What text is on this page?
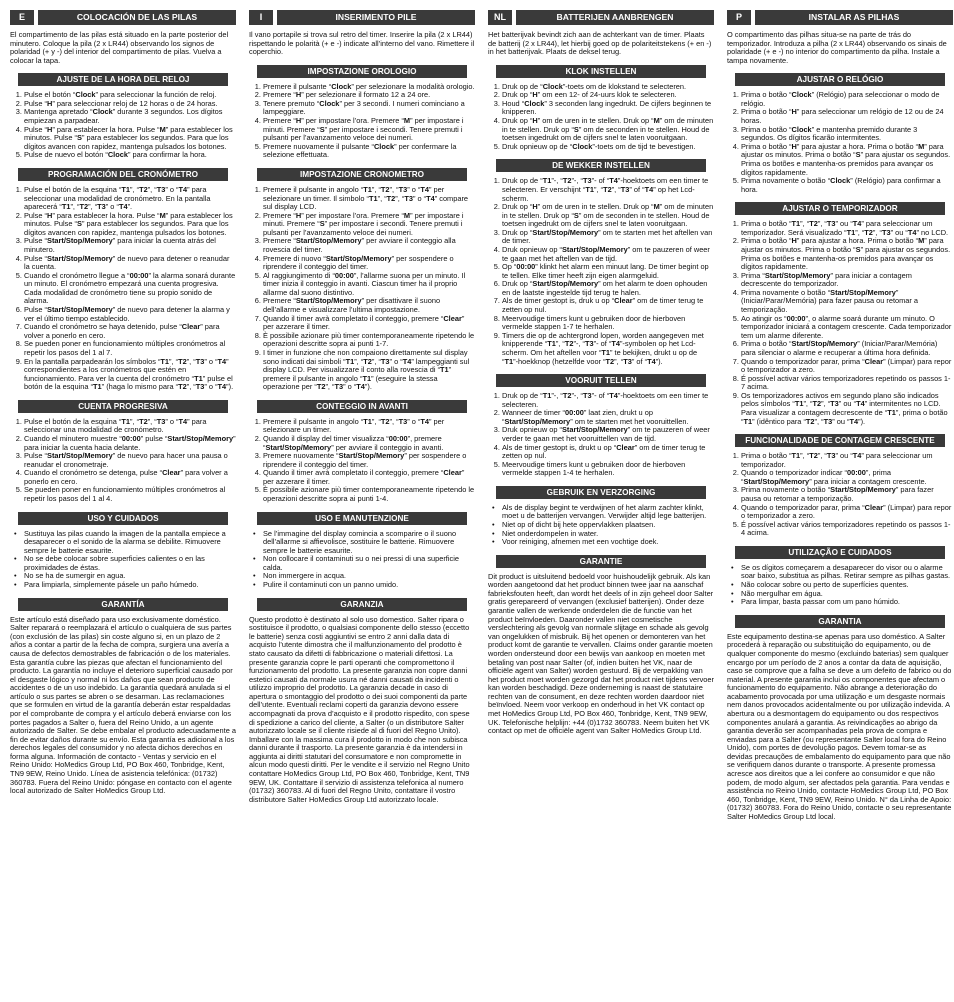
E	COLOCACIÓN DE LAS PILAS

El compartimento de las pilas está situado en la parte posterior del minutero. Coloque la pila (2 x LR44) observando los signos de polaridad (+ y -) del interior del compartimento de pilas. Vuelva a colocar la tapa.

AJUSTE DE LA HORA DEL RELOJ
1. Pulse el botón “Clock” para seleccionar la función de reloj.
2. Pulse “H” para seleccionar reloj de 12 horas o de 24 horas.
3. Mantenga apretado “Clock” durante 3 segundos. Los dígitos empiezan a parpadear.
4. Pulse “H” para establecer la hora. Pulse “M” para establecer los minutos. Pulse “S” para establecer los segundos. Para que los dígitos avancen con rapidez, mantenga pulsados los botones.
5. Pulse de nuevo el botón “Clock” para confirmar la hora.
PROGRAMACIÓN DEL CRONÓMETRO
1. Pulse el botón de la esquina “T1”, “T2”, “T3” o “T4” para seleccionar una modalidad de cronómetro. En la pantalla aparecerá “T1”, “T2”, “T3” o “T4”.
2. Pulse “H” para establecer la hora. Pulse “M” para establecer los minutos. Pulse “S” para establecer los segundos. Para que los dígitos avancen con rapidez, mantenga pulsados los botones.
3. Pulse “Start/Stop/Memory” para iniciar la cuenta atrás del minutero.
4. Pulse “Start/Stop/Memory” de nuevo para detener o reanudar la cuenta.
5. Cuando el cronómetro llegue a “00:00” la alarma sonará durante un minuto. El cronómetro empezará una cuenta progresiva. Cada modalidad de cronómetro tiene su propio sonido de alarma.
6. Pulse “Start/Stop/Memory” de nuevo para detener la alarma y ver el último tiempo establecido.
7. Cuando el cronómetro se haya detenido, pulse “Clear” para volver a ponerlo en cero.
8. Se pueden poner en funcionamiento múltiples cronómetros al repetir los pasos del 1 al 7.
9. En la pantalla parpadearán los símbolos “T1”, “T2”, “T3” o “T4” correspondientes a los cronómetros que estén en funcionamiento. Para ver la cuenta del cronómetro “T1” pulse el botón de la esquina “T1” (haga lo mismo para “T2”, “T3” o “T4”).
CUENTA PROGRESIVA
1. Pulse el botón de la esquina “T1”, “T2”, “T3” o “T4” para seleccionar una modalidad de cronómetro.
2. Cuando el minutero muestre “00:00” pulse “Start/Stop/Memory” para iniciar la cuenta hacia delante.
3. Pulse “Start/Stop/Memory” de nuevo para hacer una pausa o reanudar el cronometraje.
4. Cuando el cronómetro se detenga, pulse “Clear” para volver a ponerlo en cero.
5. Se pueden poner en funcionamiento múltiples cronómetros al repetir los pasos del 1 al 4.
USO Y CUIDADOS
• Sustituya las pilas cuando la imagen de la pantalla empiece a desaparecer o el sonido de la alarma se debilite. Rimuovere sempre le batterie esaurite.
• No se debe colocar sobre superficies calientes o en las proximidades de éstas.
• No se ha de sumergir en agua.
• Para limpiarla, simplemente pásele un paño húmedo.
GARANTÍA

Este artículo está diseñado para uso exclusivamente doméstico. Salter reparará o reemplazará el artículo o cualquiera de sus partes (con exclusión de las pilas) sin coste alguno si, en un plazo de 2 años a contar a partir de la fecha de compra, surgiera una avería a causa de defectos demostrables de fabricación o de los materiales. Esta garantía cubre las piezas que afectan el funcionamiento del producto. La garantía no incluye el deterioro superficial causado por el desgaste lógico y normal ni los daños que sean producto de accidentes o de un uso indebido. La garantía quedará anulada si el artículo o sus partes se abren o se desarman. Las reclamaciones que se formulen en virtud de la garantía deberán estar respaldadas por el comprobante de compra y el artículo deberá enviarse con los portes pagados a Salter o, fuera del Reino Unido, a un agente autorizado de Salter. Se debe embalar el producto adecuadamente a fin de evitar daños durante su envío. Esta garantía es adicional a los derechos legales del consumidor y no afecta dichos derechos en forma alguna. Información de contacto - Ventas y servicio en el Reino Unido: HoMedics Group Ltd, PO Box 460, Tonbridge, Kent, TN9 9EW, Reino Unido. Línea de asistencia telefónica: (01732) 360783. Fuera del Reino Unido: póngase en contacto con el agente local autorizado de Salter HoMedics Group Ltd.

I	INSERIMENTO PILE

Il vano portapile si trova sul retro del timer. Inserire la pila (2 x LR44) rispettando le polarità (+ e -) indicate all’interno del vano. Rimettere il coperchio.

IMPOSTAZIONE OROLOGIO
1. Premere il pulsante “Clock” per selezionare la modalità orologio.
2. Premere “H” per selezionare il formato 12 a 24 ore.
3. Tenere premuto “Clock” per 3 secondi. I numeri cominciano a lampeggiare.
4. Premere “H” per impostare l’ora. Premere “M” per impostare i minuti. Premere “S” per impostare i secondi. Tenere premuti i pulsanti per l’avanzamento veloce dei numeri.
5. Premere nuovamente il pulsante “Clock” per confermare la selezione effettuata.
IMPOSTAZIONE CRONOMETRO
1. Premere il pulsante in angolo “T1”, “T2”, “T3” o “T4” per selezionare un timer. Il simbolo “T1”, “T2”, “T3” o “T4” compare sul display LCD.
2. Premere “H” per impostare l’ora. Premere “M” per impostare i minuti. Premere “S” per impostare i secondi. Tenere premuti i pulsanti per l’avanzamento veloce dei numeri.
3. Premere “Start/Stop/Memory” per avviare il conteggio alla rovescia del timer.
4. Premere di nuovo “Start/Stop/Memory” per sospendere o riprendere il conteggio del timer.
5. Al raggiungimento di “00:00”, l’allarme suona per un minuto. Il timer inizia il conteggio in avanti. Ciascun timer ha il proprio allarme dal suono distintivo.
6. Premere “Start/Stop/Memory” per disattivare il suono dell’allarme e visualizzare l’ultima impostazione.
7. Quando il timer avrà completato il conteggio, premere “Clear” per azzerare il timer.
8. È possibile azionare più timer contemporaneamente ripetendo le operazioni descritte sopra ai punti 1-7.
9. I timer in funzione che non compaiono direttamente sul display sono indicati dai simboli “T1”, “T2”, “T3” o “T4” lampeggianti sul display LCD. Per visualizzare il conto alla rovescia di “T1” premere il pulsante in angolo “T1” (eseguire la stessa operazione per “T2”, “T3” o “T4”).
CONTEGGIO IN AVANTI
1. Premere il pulsante in angolo “T1”, “T2”, “T3” o “T4” per selezionare un timer.
2. Quando il display del timer visualizza “00:00”, premere “Start/Stop/Memory” per avviare il conteggio in avanti.
3. Premere nuovamente “Start/Stop/Memory” per sospendere o riprendere il conteggio del timer.
4. Quando il timer avrà completato il conteggio, premere “Clear” per azzerare il timer.
5. È possibile azionare più timer contemporaneamente ripetendo le operazioni descritte sopra ai punti 1-4.
USO E MANUTENZIONE
• Se l’immagine del display comincia a scomparire o il suono dell’allarme si affievolisce, sostituire le batterie. Rimuovere sempre le batterie esaurite.
• Non collocare il contaminuti su o nei pressi di una superficie calda.
• Non immergere in acqua.
• Pulire il contaminuti con un panno umido.
GARANZIA

Questo prodotto è destinato al solo uso domestico. Salter ripara o sostituisce il prodotto, o qualsiasi componente dello stesso (eccetto le batterie) senza costi aggiuntivi se entro 2 anni dalla data di acquisto l’utente dimostra che il malfunzionamento del prodotto è stato causato da difetti di fabbricazione o materiali difettosi. La presente garanzia copre le parti operanti che compromettono il funzionamento del prodotto. La presente garanzia non copre danni estetici causati da normale usura né danni causati da incidenti o utilizzo improprio del prodotto. La garanzia decade in caso di apertura o smontaggio del prodotto o dei suoi componenti da parte dell’utente. Eventuali reclami coperti da garanzia devono essere accompagnati da prova d’acquisto e il prodotto rispedito, con spese di spedizione a carico del cliente, a Salter (o un distributore Salter autorizzato locale se il cliente risiede al di fuori del Regno Unito). Imballare con la massima cura il prodotto in modo che non subisca danni durante il trasporto. La presente garanzia è da intendersi in aggiunta ai diritti statutari del consumatore e non compromette in alcun modo questi diritti. Per le vendite e il servizio nel Regno Unito contattare HoMedics Group Ltd, PO Box 460, Tonbridge, Kent, TN9 9EW, UK. Contattare il servizio di assistenza telefonica al numero (01732) 360783. Al di fuori del Regno Unito, contattare il vostro distributore Salter HoMedics Group Ltd autorizzato locale.

NL	BATTERIJEN AANBRENGEN

Het batterijvak bevindt zich aan de achterkant van de timer. Plaats de batterij (2 x LR44), let hierbij goed op de polariteitstekens (+ en -) in het batterijvak. Plaats de deksel terug.

KLOK INSTELLEN
1. Druk op de “Clock”-toets om de klokstand te selecteren.
2. Druk op “H” om een 12- of 24-uurs klok te selecteren.
3. Houd “Clock” 3 seconden lang ingedrukt. De cijfers beginnen te knipperen.
4. Druk op “H” om de uren in te stellen. Druk op “M” om de minuten in te stellen. Druk op “S” om de seconden in te stellen. Houd de toetsen ingedrukt om de cijfers snel te laten vooruitgaan.
5. Druk opnieuw op de “Clock”-toets om de tijd te bevestigen.
DE WEKKER INSTELLEN
1. Druk op de “T1”-, “T2”-, “T3”- of “T4”-hoektoets om een timer te selecteren. Er verschijnt “T1”, “T2”, “T3” of “T4” op het Lcd-scherm.
2. Druk op “H” om de uren in te stellen. Druk op “M” om de minuten in te stellen. Druk op “S” om de seconden in te stellen. Houd de toetsen ingedrukt om de cijfers snel te laten vooruitgaan.
3. Druk op “Start/Stop/Memory” om te starten met het aftellen van de timer.
4. Druk opnieuw op “Start/Stop/Memory” om te pauzeren of weer te gaan met het aftellen van de tijd.
5. Op “00:00” klinkt het alarm een minuut lang. De timer begint op te tellen. Elke timer heeft zijn eigen alarmgeluid.
6. Druk op “Start/Stop/Memory” om het alarm te doen ophouden en de laatste ingestelde tijd terug te halen.
7. Als de timer gestopt is, druk u op “Clear” om de timer terug te zetten op nul.
8. Meervoudige timers kunt u gebruiken door de hierboven vermelde stappen 1-7 te herhalen.
9. Timers die op de achtergrond lopen, worden aangegeven met knipperende “T1”, “T2”-, “T3”- of “T4”-symbolen op het Lcd-scherm. Om het aftellen voor “T1” te bekijken, drukt u op de “T1”-hoekknop (hetzelfde voor “T2”, “T3” of “T4”).
VOORUIT TELLEN
1. Druk op de “T1”-, “T2”-, “T3”- of “T4”-hoektoets om een timer te selecteren.
2. Wanneer de timer “00:00” laat zien, drukt u op “Start/Stop/Memory” om te starten met het vooruittellen.
3. Druk opnieuw op “Start/Stop/Memory” om te pauzeren of weer verder te gaan met het vooruittellen van de tijd.
4. Als de timer gestopt is, drukt u op “Clear” om de timer terug te zetten op nul.
5. Meervoudige timers kunt u gebruiken door de hierboven vermelde stappen 1-4 te herhalen.
GEBRUIK EN VERZORGING
• Als de display begint te verdwijnen of het alarm zachter klinkt, moet u de batterijen vervangen. Verwijder altijd lege batterijen.
• Niet op of dicht bij hete oppervlakken plaatsen.
• Niet onderdompelen in water.
• Voor reiniging, afnemen met een vochtige doek.
GARANTIE

Dit product is uitsluitend bedoeld voor huishoudelijk gebruik. Als kan worden aangetoond dat het product binnen twee jaar na aanschaf fabrieksfouten heeft, dan wordt het deels of in zijn geheel door Salter gratis gerepareerd of vervangen (exclusief batterijen). Onder deze garantie vallen de werkende onderdelen die de functie van het product beïnvloeden. Daaronder vallen niet cosmetische verslechtering als gevolg van normale slijtage en schade als gevolg van ongelukken of misbruik. Bij het openen or demonteren van het product komt de garantie te vervallen. Claims onder garantie moeten worden ondersteund door een bewijs van aankoop en moeten met betaling van post naar Salter (of, indien buiten het VK, naar de officiële agent van Salter) worden gestuurd. Bij de verpakking van het product moet worden gezorgd dat het product niet tijdens vervoer kan worden beschadigd. Deze onderneming is naast de statutaire rechten van de consument, en deze rechten worden daardoor niet beïnvloed. Neem voor verkoop en onderhoud in het VK contact op met HoMedics Group Ltd, PO Box 460, Tonbridge, Kent, TN9 9EW, UK. Telefonische helplijn: +44 (0)1732 360783. Neem buiten het VK contact op met de officiële agent van Salter HoMedics Group Ltd.

P	INSTALAR AS PILHAS

O compartimento das pilhas situa-se na parte de trás do temporizador. Introduza a pilha (2 x LR44) observando os sinais de polaridade (+ e -) no interior do compartimento da pilha. Instale a tampa novamente.

AJUSTAR O RELÓGIO
1. Prima o botão “Clock” (Relógio) para seleccionar o modo de relógio.
2. Prima o botão “H” para seleccionar um relógio de 12 ou de 24 horas.
3. Prima o botão “Clock” e mantenha premido durante 3 segundos. Os dígitos ficarão intermitentes.
4. Prima o botão “H” para ajustar a hora. Prima o botão “M” para ajustar os minutos. Prima o botão “S” para ajustar os segundos. Prima os botões e mantenha-os premidos para avançar os dígitos rapidamente.
5. Prima novamente o botão “Clock” (Relógio) para confirmar a hora.
AJUSTAR O TEMPORIZADOR
1. Prima o botão “T1”, “T2”, “T3” ou “T4” para seleccionar um temporizador. Será visualizado “T1”, “T2”, “T3” ou “T4” no LCD.
2. Prima o botão “H” para ajustar a hora. Prima o botão “M” para ajustar os minutos. Prima o botão “S” para ajustar os segundos. Prima os botões e mantenha-os premidos para avançar os dígitos rapidamente.
3. Prima “Start/Stop/Memory” para iniciar a contagem decrescente do temporizador.
4. Prima novamente o botão “Start/Stop/Memory” (Iniciar/Parar/Memória) para fazer pausa ou retomar a temporização.
5. Ao atingir os “00:00”, o alarme soará durante um minuto. O temporizador iniciará a contagem crescente. Cada temporizador tem um alarme diferente.
6. Prima o botão “Start/Stop/Memory” (Iniciar/Parar/Memória) para silenciar o alarme e recuperar a última hora definida.
7. Quando o temporizador parar, prima “Clear” (Limpar) para repor o temporizador a zero.
8. É possível activar vários temporizadores repetindo os passos 1-7 acima.
9. Os temporizadores activos em segundo plano são indicados pelos símbolos “T1”, “T2”, “T3” ou “T4” intermitentes no LCD. Para visualizar a contagem decrescente de “T1”, prima o botão “T1” (idêntico para “T2”, “T3” ou “T4”).
FUNCIONALIDADE DE CONTAGEM CRESCENTE
1. Prima o botão “T1”, “T2”, “T3” ou “T4” para seleccionar um temporizador.
2. Quando o temporizador indicar “00:00”, prima “Start/Stop/Memory” para iniciar a contagem crescente.
3. Prima novamente o botão “Start/Stop/Memory” para fazer pausa ou retomar a temporização.
4. Quando o temporizador parar, prima “Clear” (Limpar) para repor o temporizador a zero.
5. É possível activar vários temporizadores repetindo os passos 1-4 acima.
UTILIZAÇÃO E CUIDADOS
• Se os dígitos começarem a desaparecer do visor ou o alarme soar baixo, substitua as pilhas. Retirar sempre as pilhas gastas.
• Não colocar sobre ou perto de superfícies quentes.
• Não mergulhar em água.
• Para limpar, basta passar com um pano húmido.
GARANTIA

Este equipamento destina-se apenas para uso doméstico. A Salter procederá à reparação ou substituição do equipamento, ou de qualquer componente do mesmo (excluindo baterias) sem qualquer encargo por um período de 2 anos a contar da data de aquisição, caso se comprove que a falha se deve a um defeito de fabrico ou do material. A presente garantia inclui os componentes que afectam o funcionamento do equipamento. Não abrange a deterioração do acabamento provocada por uma utilização e um desgaste normais nem danos provocados acidentalmente ou por utilização indevida. A abertura ou a desmontagem do equipamento ou dos respectivos componentes anulará a garantia. As reivindicações ao abrigo da garantia deverão ser acompanhadas pela prova de compra e enviadas para a Salter (ou representante Salter local fora do Reino Unido), com portes de devolução pagos. Devem tomar-se as devidas precauções de embalamento do equipamento para que não se verifiquem danos durante o transporte. A presente promessa acresce aos direitos que a lei confere ao consumidor e que não podem, de modo algum, ser afectados pela garantia. Para vendas e assistência no Reino Unido, contacte HoMedics Group Ltd, PO Box 460, Tonbridge, Kent, TN9 9EW, Reino Unido. N° da Linha de Apoio: (01732) 360783. Fora do Reino Unido, contacte o seu representante Salter HoMedics Group Ltd local.
